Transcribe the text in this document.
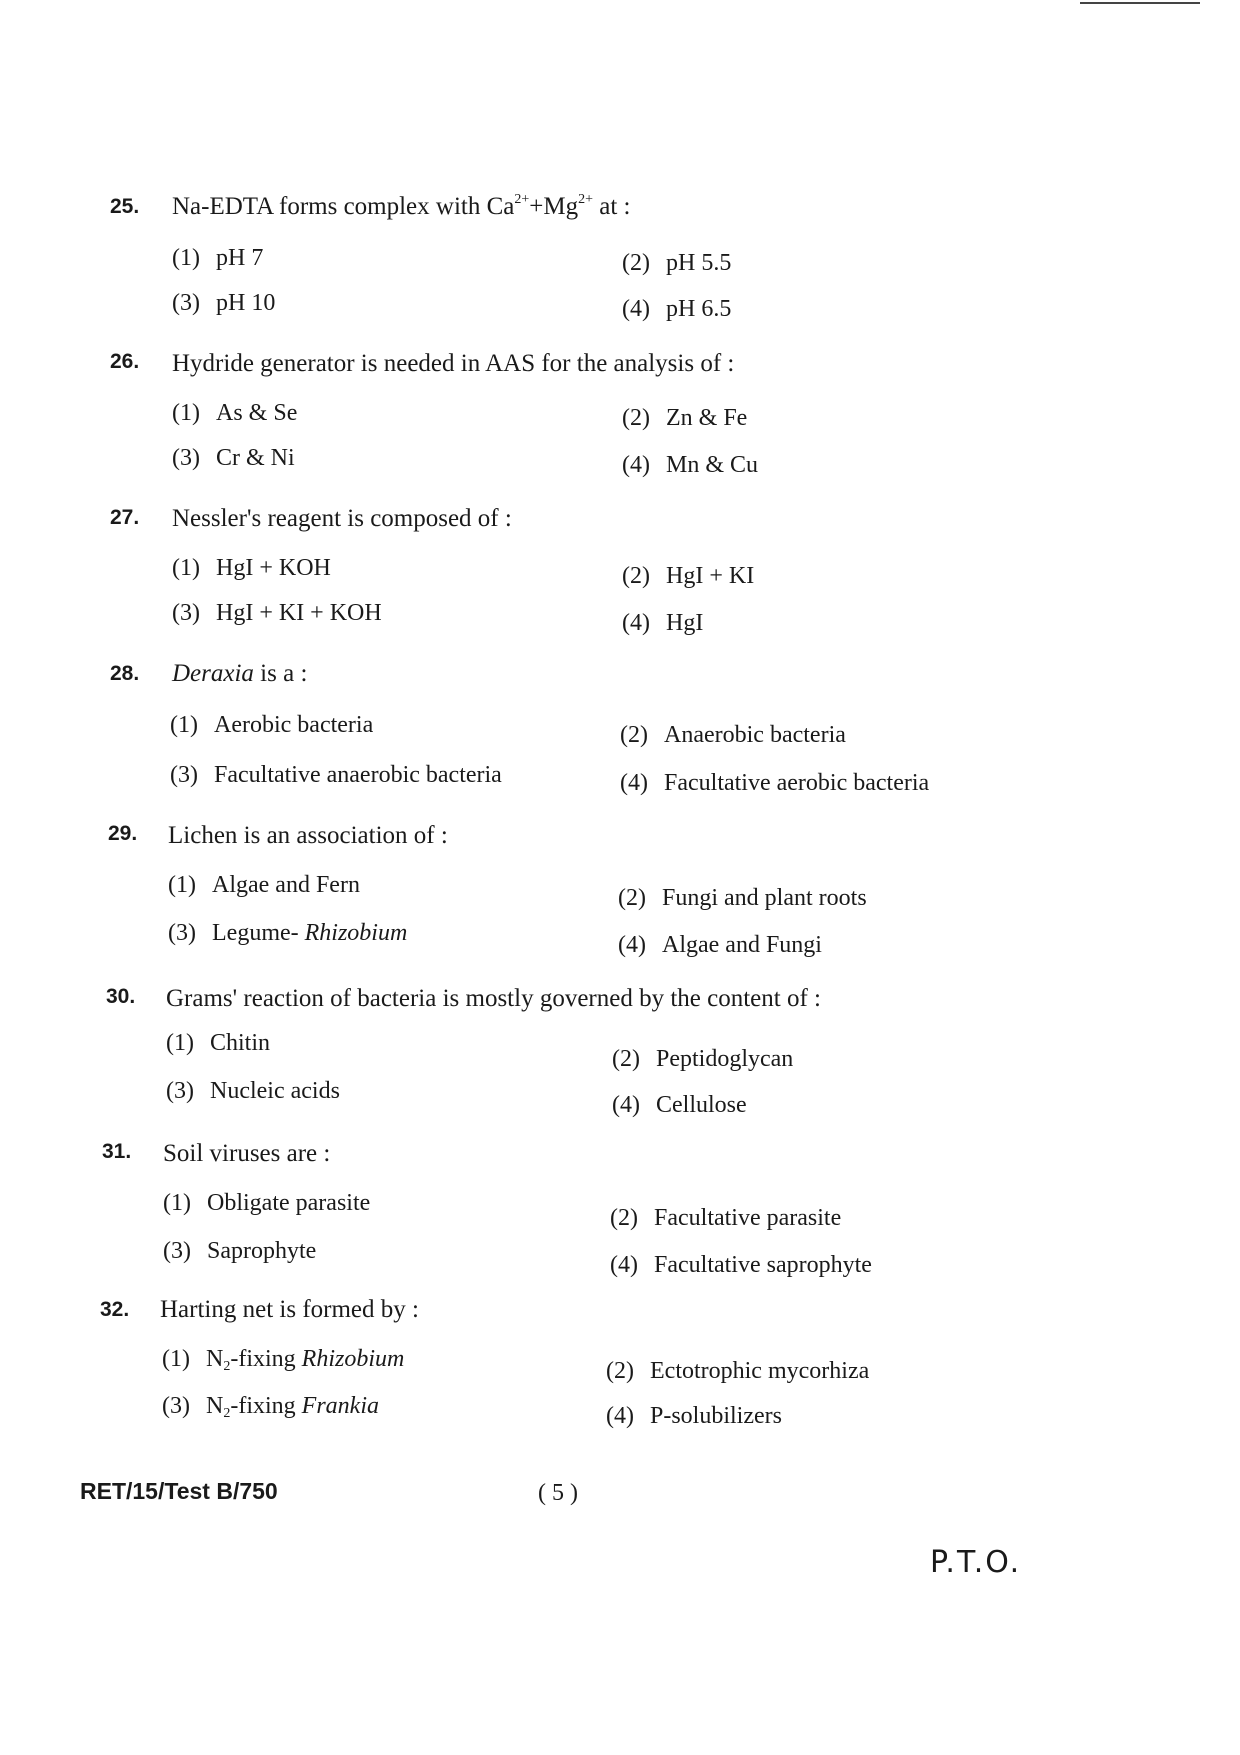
25. Na-EDTA forms complex with $Ca^{2+}+Mg^{2+}$ at :
(1) pH 7	(2) pH 5.5
(3) pH 10	(4) pH 6.5
26. Hydride generator is needed in AAS for the analysis of :
(1) As & Se	(2) Zn & Fe
(3) Cr & Ni	(4) Mn & Cu
27. Nessler's reagent is composed of :
(1) HgI + KOH	(2) HgI + KI
(3) HgI + KI + KOH	(4) HgI
28. Deraxia is a :
(1) Aerobic bacteria	(2) Anaerobic bacteria
(3) Facultative anaerobic bacteria	(4) Facultative aerobic bacteria
29. Lichen is an association of :
(1) Algae and Fern	(2) Fungi and plant roots
(3) Legume- Rhizobium	(4) Algae and Fungi
30. Grams' reaction of bacteria is mostly governed by the content of :
(1) Chitin
(2) Peptidoglycan
(3) Nucleic acids
(4) Cellulose
31. Soil viruses are :
(1) Obligate parasite
(2) Facultative parasite
(3) Saprophyte
(4) Facultative saprophyte
32. Harting net is formed by :
(1) $N_2$-fixing Rhizobium	(2) Ectotrophic mycorhiza
(3) $N_2$-fixing Frankia	(4) P-solubilizers
RET/15/Test B/750	( 5 )
P.T.O.
